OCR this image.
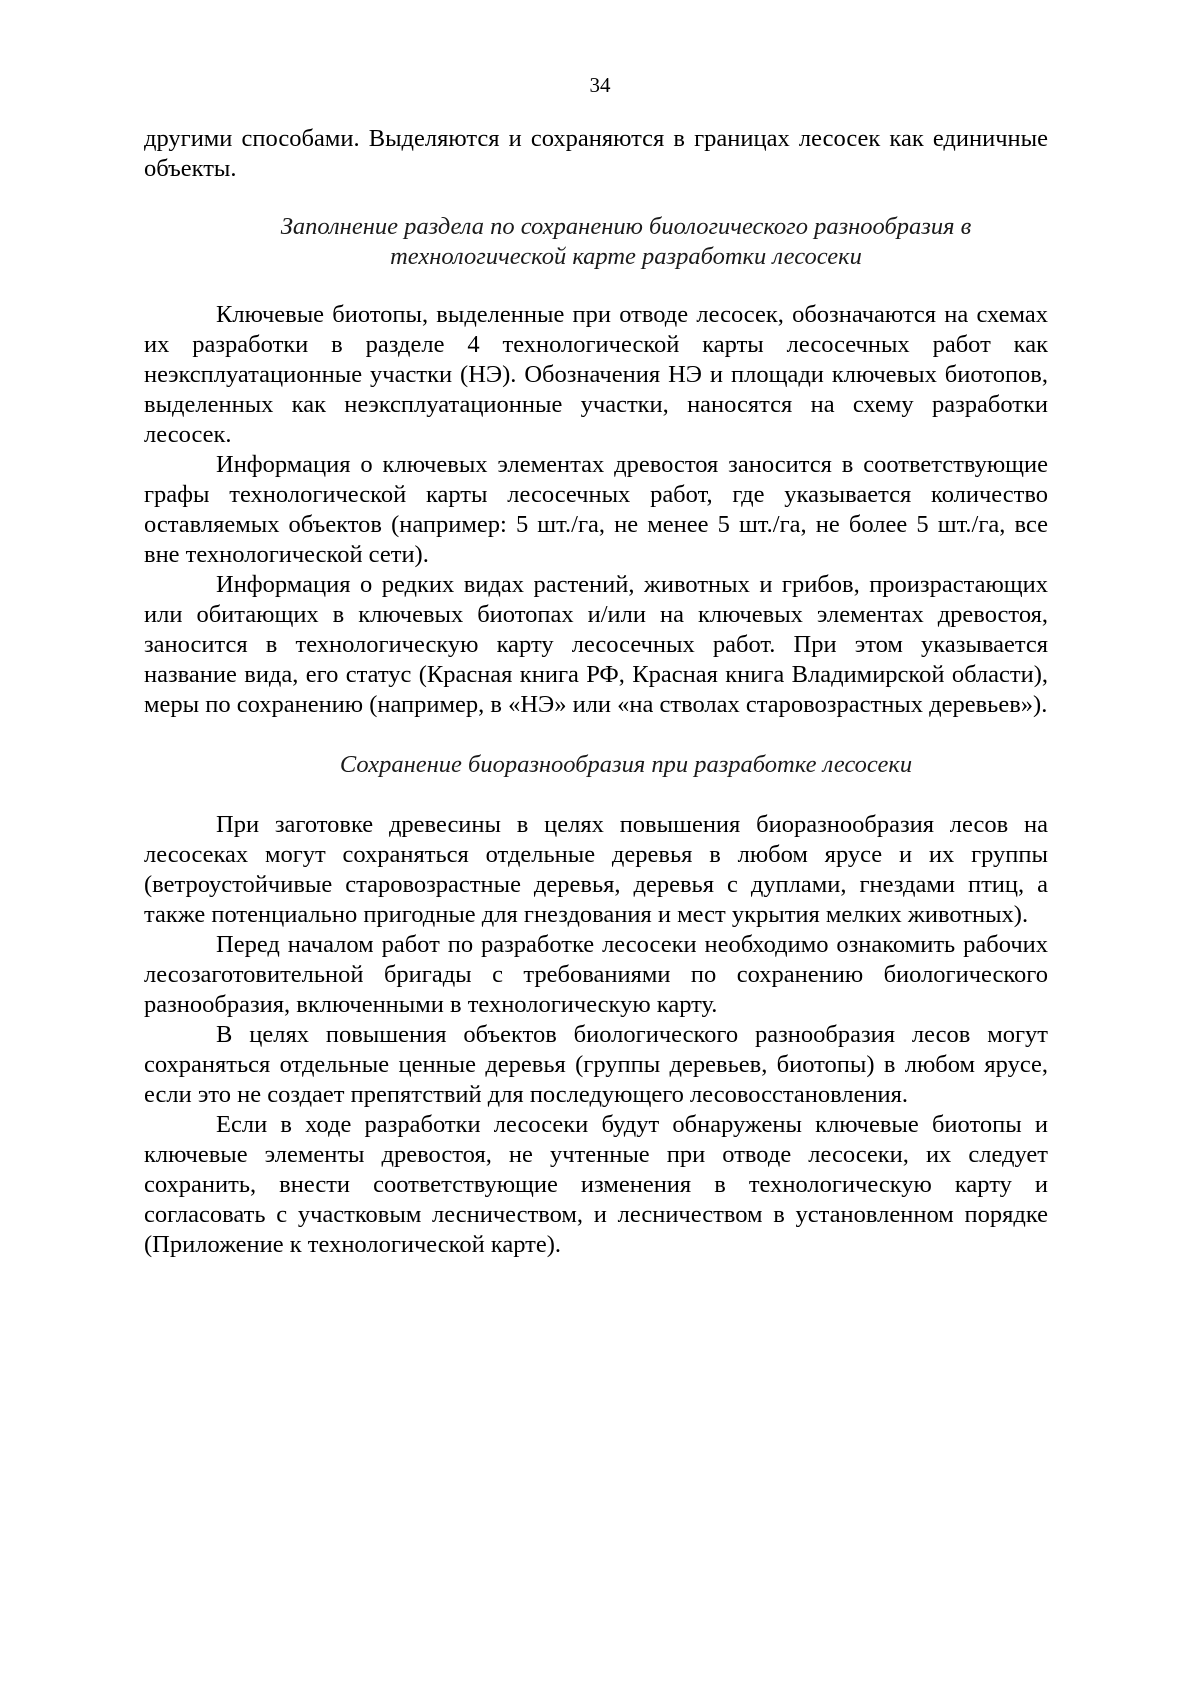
34

другими способами. Выделяются и сохраняются в границах лесосек как единичные объекты.

Заполнение раздела по сохранению биологического разнообразия в технологической карте разработки лесосеки

Ключевые биотопы, выделенные при отводе лесосек, обозначаются на схемах их разработки в разделе 4 технологической карты лесосечных работ как неэксплуатационные участки (НЭ). Обозначения НЭ и площади ключевых биотопов, выделенных как неэксплуатационные участки, наносятся на схему разработки лесосек.

Информация о ключевых элементах древостоя заносится в соответствующие графы технологической карты лесосечных работ, где указывается количество оставляемых объектов (например: 5 шт./га, не менее 5 шт./га, не более 5 шт./га, все вне технологической сети).

Информация о редких видах растений, животных и грибов, произрастающих или обитающих в ключевых биотопах и/или на ключевых элементах древостоя, заносится в технологическую карту лесосечных работ. При этом указывается название вида, его статус (Красная книга РФ, Красная книга Владимирской области), меры по сохранению (например, в «НЭ» или «на стволах старовозрастных деревьев»).

Сохранение биоразнообразия при разработке лесосеки

При заготовке древесины в целях повышения биоразнообразия лесов на лесосеках могут сохраняться отдельные деревья в любом ярусе и их группы (ветроустойчивые старовозрастные деревья, деревья с дуплами, гнездами птиц, а также потенциально пригодные для гнездования и мест укрытия мелких животных).

Перед началом работ по разработке лесосеки необходимо ознакомить рабочих лесозаготовительной бригады с требованиями по сохранению биологического разнообразия, включенными в технологическую карту.

В целях повышения объектов биологического разнообразия лесов могут сохраняться отдельные ценные деревья (группы деревьев, биотопы) в любом ярусе, если это не создает препятствий для последующего лесовосстановления.

Если в ходе разработки лесосеки будут обнаружены ключевые биотопы и ключевые элементы древостоя, не учтенные при отводе лесосеки, их следует сохранить, внести соответствующие изменения в технологическую карту и согласовать с участковым лесничеством, и лесничеством в установленном порядке (Приложение к технологической карте).
